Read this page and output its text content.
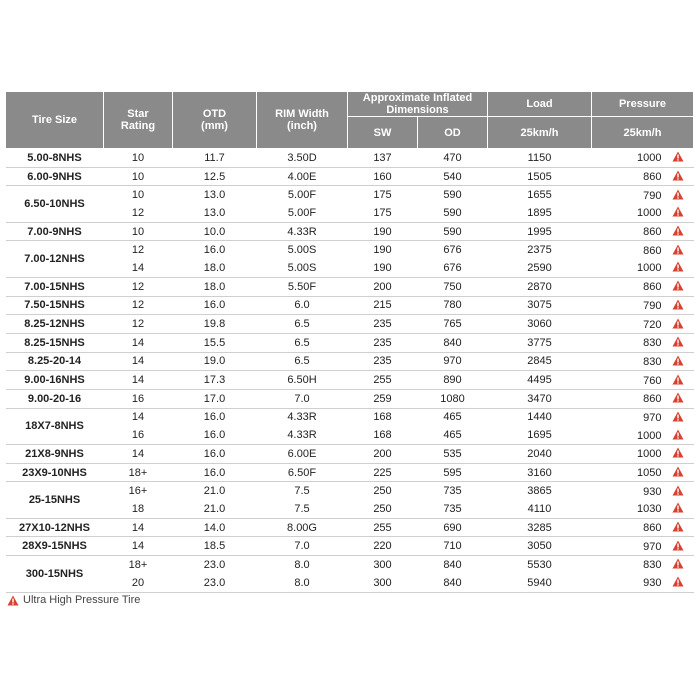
Tire Size	Star Rating	OTD (mm)	RIM Width (inch)	Approximate Inflated Dimensions		Load	Pressure
				SW	OD	25km/h	25km/h
5.00-8NHS	10	11.7	3.50D	137	470	1150	1000
6.00-9NHS	10	12.5	4.00E	160	540	1505	860
6.50-10NHS	10	13.0	5.00F	175	590	1655	790
	12	13.0	5.00F	175	590	1895	1000
7.00-9NHS	10	10.0	4.33R	190	590	1995	860
7.00-12NHS	12	16.0	5.00S	190	676	2375	860
	14	18.0	5.00S	190	676	2590	1000
7.00-15NHS	12	18.0	5.50F	200	750	2870	860
7.50-15NHS	12	16.0	6.0	215	780	3075	790
8.25-12NHS	12	19.8	6.5	235	765	3060	720
8.25-15NHS	14	15.5	6.5	235	840	3775	830
8.25-20-14	14	19.0	6.5	235	970	2845	830
9.00-16NHS	14	17.3	6.50H	255	890	4495	760
9.00-20-16	16	17.0	7.0	259	1080	3470	860
18X7-8NHS	14	16.0	4.33R	168	465	1440	970
	16	16.0	4.33R	168	465	1695	1000
21X8-9NHS	14	16.0	6.00E	200	535	2040	1000
23X9-10NHS	18+	16.0	6.50F	225	595	3160	1050
25-15NHS	16+	21.0	7.5	250	735	3865	930
	18	21.0	7.5	250	735	4110	1030
27X10-12NHS	14	14.0	8.00G	255	690	3285	860
28X9-15NHS	14	18.5	7.0	220	710	3050	970
300-15NHS	18+	23.0	8.0	300	840	5530	830
	20	23.0	8.0	300	840	5940	930
Ultra High Pressure Tire
